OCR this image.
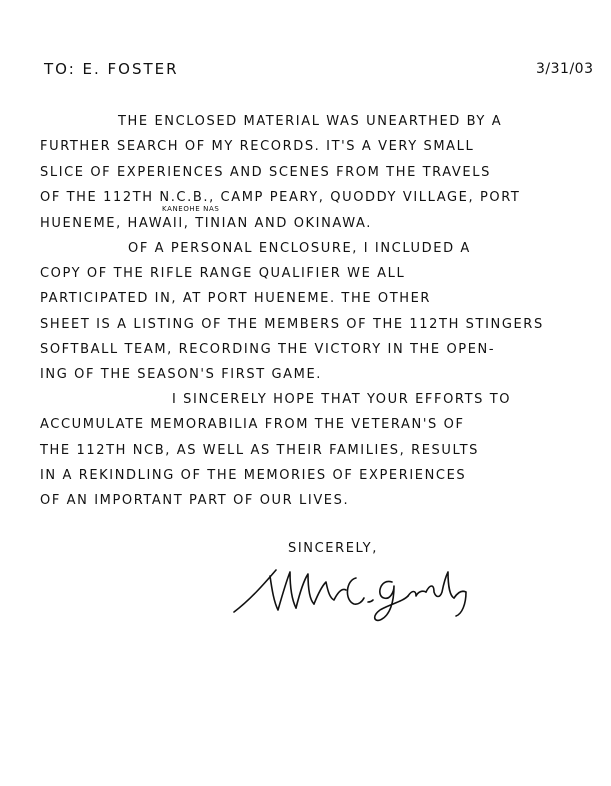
TO: E. FOSTER	3/31/03
THE ENCLOSED MATERIAL WAS UNEARTHED BY A
FURTHER SEARCH OF MY RECORDS. IT'S A VERY SMALL
SLICE OF EXPERIENCES AND SCENES FROM THE TRAVELS
OF THE 112TH N.C.B., CAMP PEARY, QUODDY VILLAGE, PORT
KANEOHE NAS
HUENEME, HAWAII, TINIAN AND OKINAWA.
OF A PERSONAL ENCLOSURE, I INCLUDED A
COPY OF THE RIFLE RANGE QUALIFIER WE ALL
PARTICIPATED IN, AT PORT HUENEME. THE OTHER
SHEET IS A LISTING OF THE MEMBERS OF THE 112TH STINGERS
SOFTBALL TEAM, RECORDING THE VICTORY IN THE OPEN-
ING OF THE SEASON'S FIRST GAME.
I SINCERELY HOPE THAT YOUR EFFORTS TO
ACCUMULATE MEMORABILIA FROM THE VETERAN'S OF
THE 112TH NCB, AS WELL AS THEIR FAMILIES, RESULTS
IN A REKINDLING OF THE MEMORIES OF EXPERIENCES
OF AN IMPORTANT PART OF OUR LIVES.
SINCERELY,
